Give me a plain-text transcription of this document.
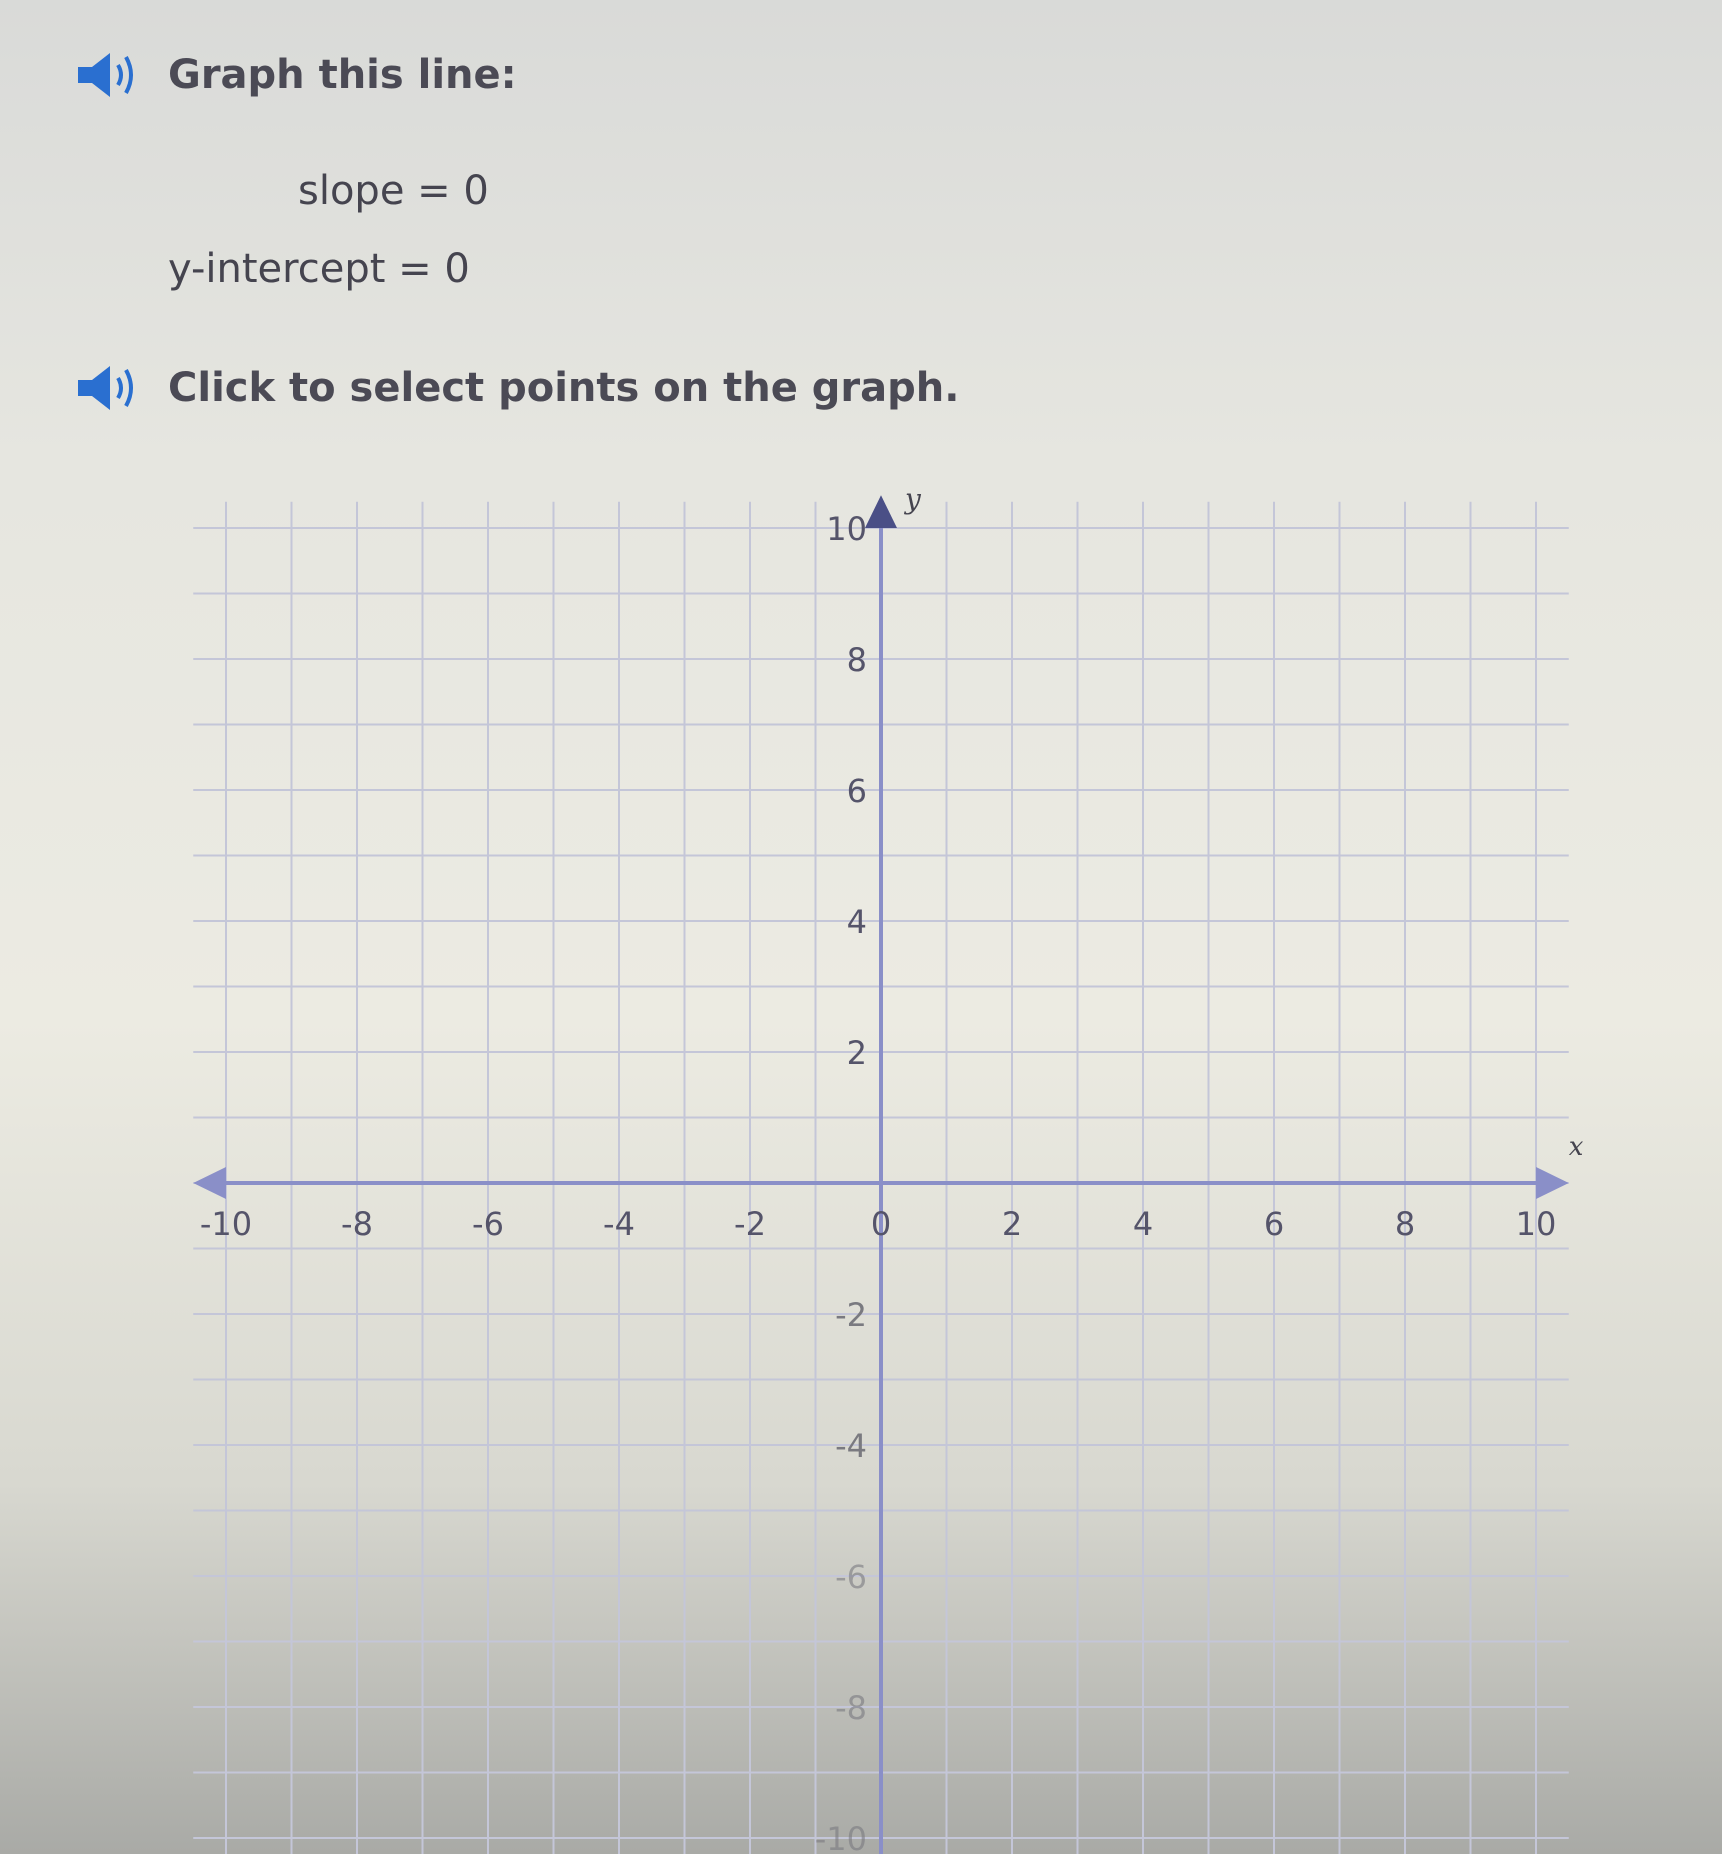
Graph this line:
slope = 0
y-intercept = 0
Click to select points on the graph.
x
y
-10	-8	-6	-4	-2	0	2	4	6	8	10
10
8
6
4
2
-2
-4
-6
-8
-10
